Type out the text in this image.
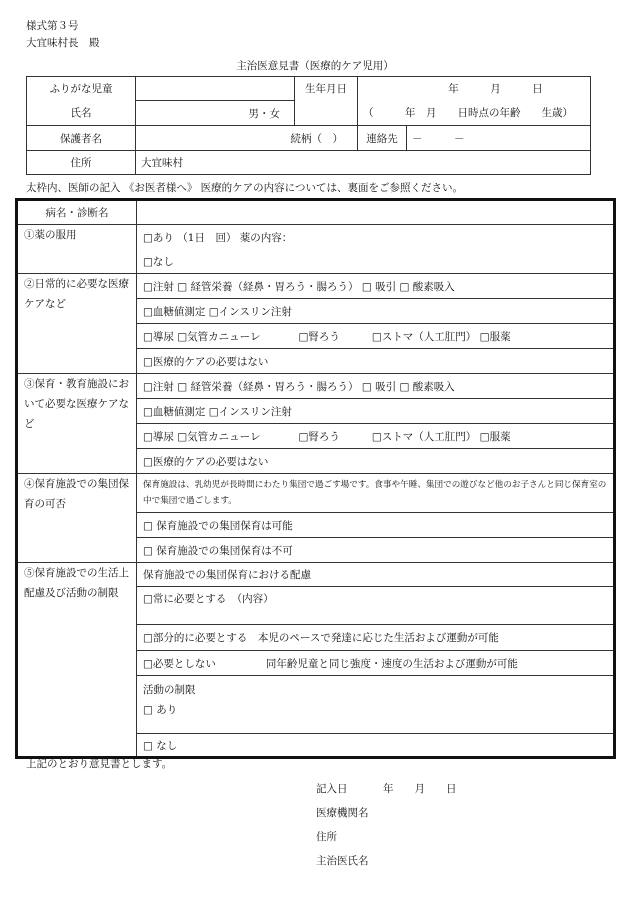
様式第３号
大宜味村長　殿
主治医意見書（医療的ケア児用）
ふりがな児童		生年月日	年　　　月　　　日
氏名	男・女		（　　　年　月　　日時点の年齢　　生歳）
保護者名	続柄（　）	連絡先	－　　　－

住所	大宜味村
太枠内、医師の記入 《お医者様へ》 医療的ケアの内容については、裏面をご参照ください。
病名・診断名	
①薬の服用	□あり （1日　回） 薬の内容：
	□なし
②日常的に必要な医療ケアなど	□注射 □ 経管栄養（経鼻・胃ろう・腸ろう） □ 吸引 □ 酸素吸入
	□血糖値測定 □インスリン注射
	□導尿 □気管カニューレ □腎ろう □ストマ（人工肛門） □服薬
	□医療的ケアの必要はない
③保育・教育施設において必要な医療ケアなど	□注射 □ 経管栄養（経鼻・胃ろう・腸ろう） □ 吸引 □ 酸素吸入
	□血糖値測定 □インスリン注射
	□導尿 □気管カニューレ □腎ろう □ストマ（人工肛門） □服薬
	□医療的ケアの必要はない
④保育施設での集団保育の可否	保育施設は、乳幼児が長時間にわたり集団で過ごす場です。食事や午睡、集団での遊びなど他のお子さんと同じ保育室の中で集団で過ごします。
	□ 保育施設での集団保育は可能
	□ 保育施設での集団保育は不可
⑤保育施設での生活上配慮及び活動の制限	保育施設での集団保育における配慮
	□常に必要とする　（内容）
	□部分的に必要とする　本児のペースで発達に応じた生活および運動が可能
	□必要としない 同年齢児童と同じ強度・速度の生活および運動が可能

	活動の制限
□ あり

	□ なし
上記のとおり意見書とします。
記入日	年　　月　　日
医療機関名
住所
主治医氏名
